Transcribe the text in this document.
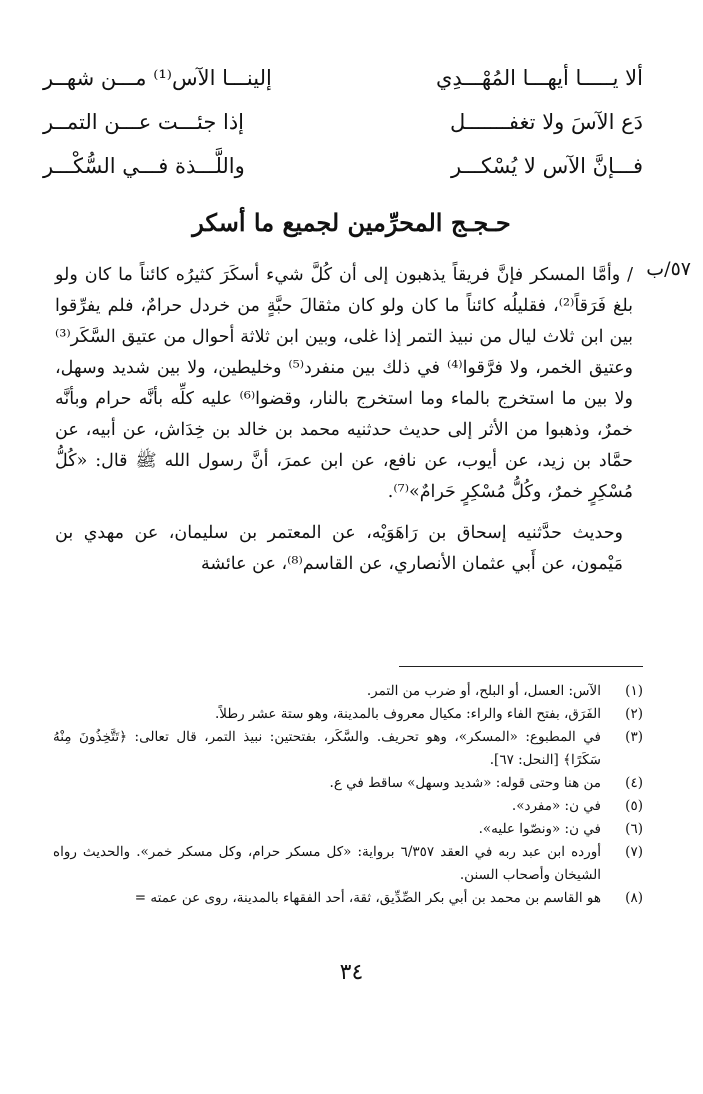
ألا يـــــا أيهـــا المُهْـــدِي
إلينـــا الآس⁽¹⁾ مـــن شهــر
دَع الآسَ ولا تغفـــــــل
إذا جئـــت عـــن التمــر
فـــإنَّ الآس لا يُسْكـــر
واللَّـــذة فـــي السُّكْـــر
حـجـج المحرِّمين لجميع ما أسكر
٥٧/ب

/ وأمَّا المسكر فإنَّ فريقاً يذهبون إلى أن كُلَّ شيء أسكَرَ كثيرُه كائناً ما كان ولو بلغ فَرَقاً⁽²⁾، فقليلُه كائناً ما كان ولو كان مثقالَ حبَّةٍ من خردل حرامٌ، فلم يفرِّقوا بين ابن ثلاث ليال من نبيذ التمر إذا غلى، وبين ابن ثلاثة أحوال من عتيق السَّكَر⁽³⁾ وعتيق الخمر، ولا فرَّقوا⁽⁴⁾ في ذلك بين منفرد⁽⁵⁾ وخليطين، ولا بين شديد وسهل، ولا بين ما استخرج بالماء وما استخرج بالنار، وقضوا⁽⁶⁾ عليه كلِّه بأنَّه حرام وبأنَّه خمرٌ، وذهبوا من الأثر إلى حديث حدثنيه محمد بن خالد بن خِدَاش، عن أبيه، عن حمَّاد بن زيد، عن أيوب، عن نافع، عن ابن عمرَ، أنَّ رسول الله ﷺ قال: «كُلُّ مُسْكِرٍ خمرٌ، وكُلُّ مُسْكِرٍ حَرامٌ»⁽⁷⁾.

وحديث حدَّثنيه إسحاق بن رَاهَوَيْه، عن المعتمر بن سليمان، عن مهدي بن مَيْمون، عن أَبي عثمان الأنصاري، عن القاسم⁽⁸⁾، عن عائشة

(١)
الآس: العسل، أو البلح، أو ضرب من التمر.
(٢)
الفَرَق، بفتح الفاء والراء: مكيال معروف بالمدينة، وهو ستة عشر رطلاً.
(٣)
في المطبوع: «المسكر»، وهو تحريف. والسَّكَر، بفتحتين: نبيذ التمر، قال تعالى: ﴿تَتَّخِذُونَ مِنْهُ سَكَرًا﴾ [النحل: ٦٧].
(٤)
من هنا وحتى قوله: «شديد وسهل» ساقط في ع.
(٥)
في ن: «مفرد».
(٦)
في ن: «ونصّوا عليه».
(٧)
أورده ابن عبد ربه في العقد ٦/٣٥٧ برواية: «كل مسكر حرام، وكل مسكر خمر». والحديث رواه الشيخان وأصحاب السنن.
(٨)
هو القاسم بن محمد بن أبي بكر الصِّدِّيق، ثقة، أحد الفقهاء بالمدينة، روى عن عمته =
٣٤
